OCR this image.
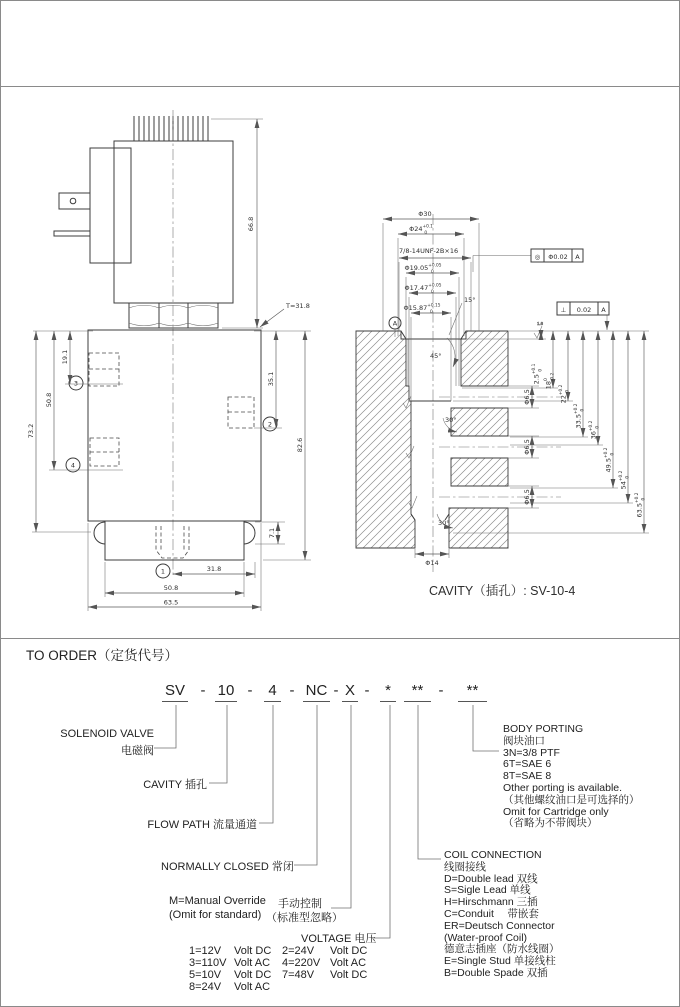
3
4
2
1
66.8
T=31.8
19.1
50.8
73.2
35.1
82.6
7.1
31.8
50.8
63.5
Φ30
$\Phi 24^{+0.1}$ 0
7/8-14UNF-2B×16
$\Phi 19.05^{+0.05}$ 0
$\Phi 17.47^{+0.05}$ 0
$\Phi 15.87^{+0.15}$ 0
15°
A
◎ Φ0.02 A
⊥ 0.02 A
45°
30°
30°
1.6
Φ6.5
Φ6.5
Φ6.5
$2.5^{+0.1}0$
$18^0-0.2$
$22^{+0.2}0$
$33.5^{+0.2}0$
$36^{+0.2}0$
$49.5^{+0.2}0$
$54^{+0.2}0$
$63.5^{+0.2}0$
Φ14
CAVITY（插孔）: SV-10-4
TO ORDER（定货代号）
SV - 10 - 4 - NC - X -	*	**	-	**
SOLENOID VALVE
电磁阀
CAVITY 插孔
FLOW PATH 流量通道
NORMALLY CLOSED 常闭
M=Manual Override
(Omit for standard)
手动控制
（标准型忽略）
VOLTAGE 电压
1=12V Volt DC 2=24V Volt DC
3=110V Volt AC 4=220V Volt AC
5=10V Volt DC 7=48V Volt DC
8=24V Volt AC
COIL CONNECTION
线圈接线
D=Double lead 双线
S=Sigle Lead 单线
H=Hirschmann 三插
C=Conduit　 带嵌套
ER=Deutsch Connector
(Water-proof Coil)
德意志插座（防水线圈）
E=Single Stud 单接线柱
B=Double Spade 双插
BODY PORTING
阀块油口
3N=3/8 PTF
6T=SAE 6
8T=SAE 8
Other porting is available.
（其他螺纹油口是可选择的）
Omit for Cartridge only
（省略为不带阀块）
